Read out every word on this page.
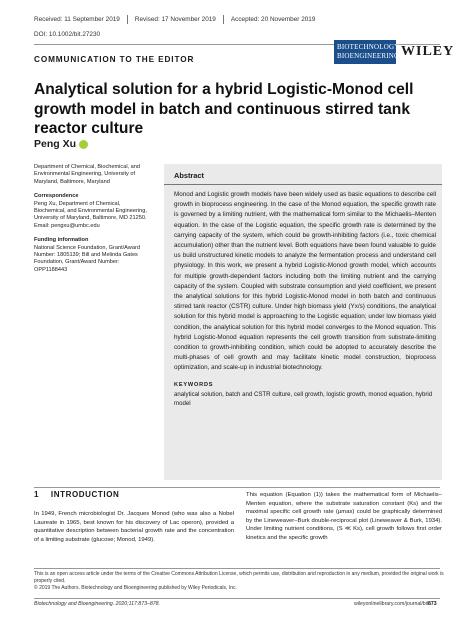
Received: 11 September 2019 Revised: 17 November 2019 Accepted: 20 November 2019
DOI: 10.1002/bit.27230
COMMUNICATION TO THE EDITOR
BIOTECHNOLOGY
BIOENGINEERING WILEY
Analytical solution for a hybrid Logistic-Monod cell growth model in batch and continuous stirred tank reactor culture
Peng Xu
Department of Chemical, Biochemical, and Environmental Engineering, University of Maryland, Baltimore, Maryland
Correspondence
Peng Xu, Department of Chemical, Biochemical, and Environmental Engineering, University of Maryland, Baltimore, MD 21250. Email: pengxu@umbc.edu
Funding information
National Science Foundation, Grant/Award Number: 1805139; Bill and Melinda Gates Foundation, Grant/Award Number: OPP1188443
Abstract

Monod and Logistic growth models have been widely used as basic equations to describe cell growth in bioprocess engineering. In the case of the Monod equation, the specific growth rate is governed by a limiting nutrient, with the mathematical form similar to the Michaelis–Menten equation. In the case of the Logistic equation, the specific growth rate is determined by the carrying capacity of the system, which could be growth-inhibiting factors (i.e., toxic chemical accumulation) other than the nutrient level. Both equations have been found valuable to guide us build unstructured kinetic models to analyze the fermentation process and understand cell physiology. In this work, we present a hybrid Logistic-Monod growth model, which accounts for multiple growth-dependent factors including both the limiting nutrient and the carrying capacity of the system. Coupled with substrate consumption and yield coefficient, we present the analytical solutions for this hybrid Logistic-Monod model in both batch and continuous stirred tank reactor (CSTR) culture. Under high biomass yield (Yx/s) conditions, the analytical solution for this hybrid model is approaching to the Logistic equation; under low biomass yield condition, the analytical solution for this hybrid model converges to the Monod equation. This hybrid Logistic-Monod equation represents the cell growth transition from substrate-limiting condition to growth-inhibiting condition, which could be adopted to accurately describe the multi-phases of cell growth and may facilitate kinetic model construction, bioprocess optimization, and scale-up in industrial biotechnology.

KEYWORDS
analytical solution, batch and CSTR culture, cell growth, logistic growth, monod equation, hybrid model
1 INTRODUCTION

In 1949, French microbiologist Dr. Jacques Monod (who was also a Nobel Laureate in 1965, best known for his discovery of Lac operon), provided a quantitative description between bacterial growth rate and the concentration of a limiting substrate (glucose; Monod, 1949).

This equation (Equation (1)) takes the mathematical form of Michaelis–Menten equation, where the substrate saturation constant (Ks) and the maximal specific cell growth rate (μmax) could be graphically determined by the Lineweaver–Burk double-reciprocal plot (Lineweaver & Burk, 1934). Under limiting nutrient conditions, (S ≪ Ks), cell growth follows first order kinetics and the specific growth

This is an open access article under the terms of the Creative Commons Attribution License, which permits use, distribution and reproduction in any medium, provided the original work is properly cited.
© 2019 The Authors. Biotechnology and Bioengineering published by Wiley Periodicals, Inc.
Biotechnology and Bioengineering. 2020;117:873–878.	wileyonlinelibrary.com/journal/bit 873
